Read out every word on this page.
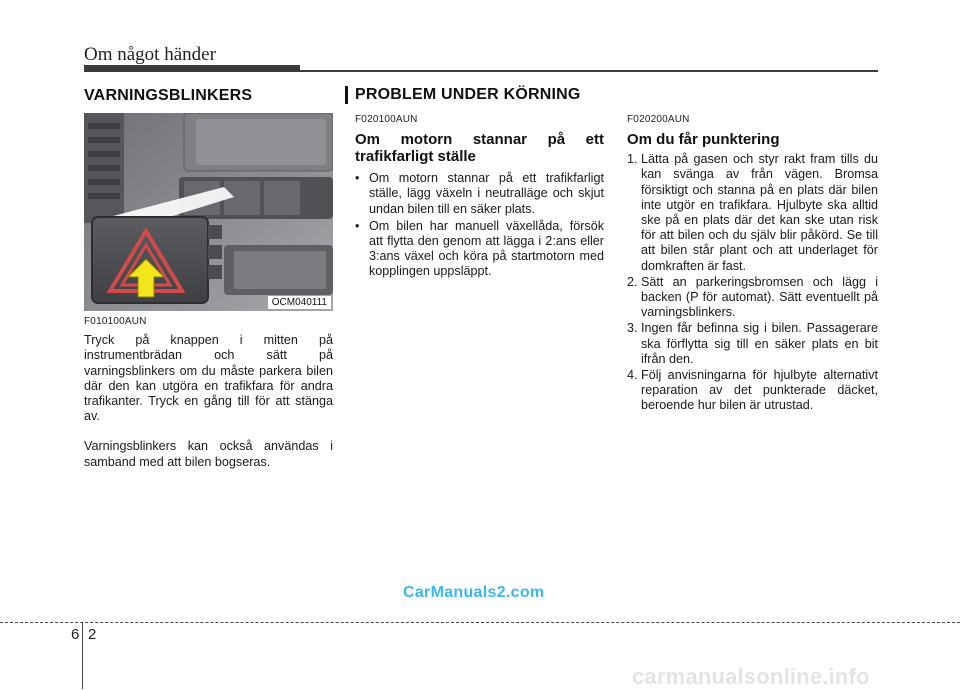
Om något händer
VARNINGSBLINKERS	PROBLEM UNDER KÖRNING
OCM040111
F010100AUN

Tryck på knappen i mitten på instrumentbrädan och sätt på varningsblinkers om du måste parkera bilen där den kan utgöra en trafikfara för andra trafikanter. Tryck en gång till för att stänga av.

Varningsblinkers kan också användas i samband med att bilen bogseras.

F020100AUN
Om motorn stannar på ett trafikfarligt ställe
• Om motorn stannar på ett trafikfarligt ställe, lägg växeln i neutralläge och skjut undan bilen till en säker plats.
• Om bilen har manuell växellåda, försök att flytta den genom att lägga i 2:ans eller 3:ans växel och köra på startmotorn med kopplingen uppsläppt.
F020200AUN
Om du får punktering
1. Lätta på gasen och styr rakt fram tills du kan svänga av från vägen. Bromsa försiktigt och stanna på en plats där bilen inte utgör en trafikfara. Hjulbyte ska alltid ske på en plats där det kan ske utan risk för att bilen och du själv blir påkörd. Se till att bilen står plant och att underlaget för domkraften är fast.
2. Sätt an parkeringsbromsen och lägg i backen (P för automat). Sätt eventuellt på varningsblinkers.
3. Ingen får befinna sig i bilen. Passagerare ska förflytta sig till en säker plats en bit ifrån den.
4. Följ anvisningarna för hjulbyte alternativt reparation av det punkterade däcket, beroende hur bilen är utrustad.
CarManuals2.com
6 2
carmanualsonline.info
